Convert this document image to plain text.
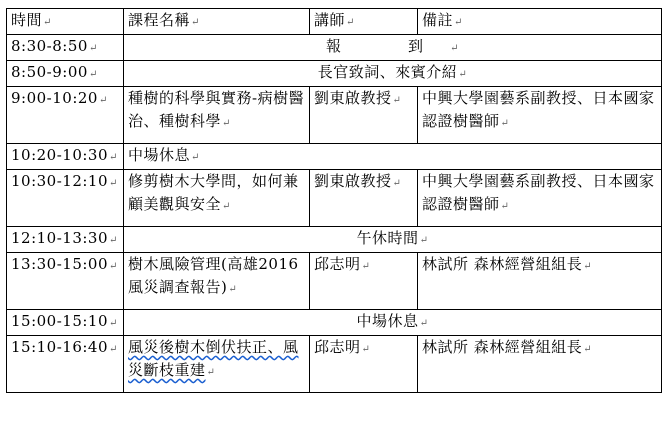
時間↵	課程名稱↵	講師↵	備註↵
8:30-8:50↵	報　到↵		
8:50-9:00↵	長官致詞、來賓介紹↵		
9:00-10:20↵	種樹的科學與實務-病樹醫治、種樹科學↵	劉東啟教授↵	中興大學園藝系副教授、日本國家認證樹醫師↵
10:20-10:30↵	中場休息↵		
10:30-12:10↵	修剪樹木大學問，如何兼顧美觀與安全↵	劉東啟教授↵	中興大學園藝系副教授、日本國家認證樹醫師↵
12:10-13:30↵	午休時間↵		
13:30-15:00↵	樹木風險管理(高雄2016風災調查報告)↵	邱志明↵	林試所 森林經營組組長↵
15:00-15:10↵	中場休息↵		
15:10-16:40↵	風災後樹木倒伏扶正、風災斷枝重建↵	邱志明↵	林試所 森林經營組組長↵
